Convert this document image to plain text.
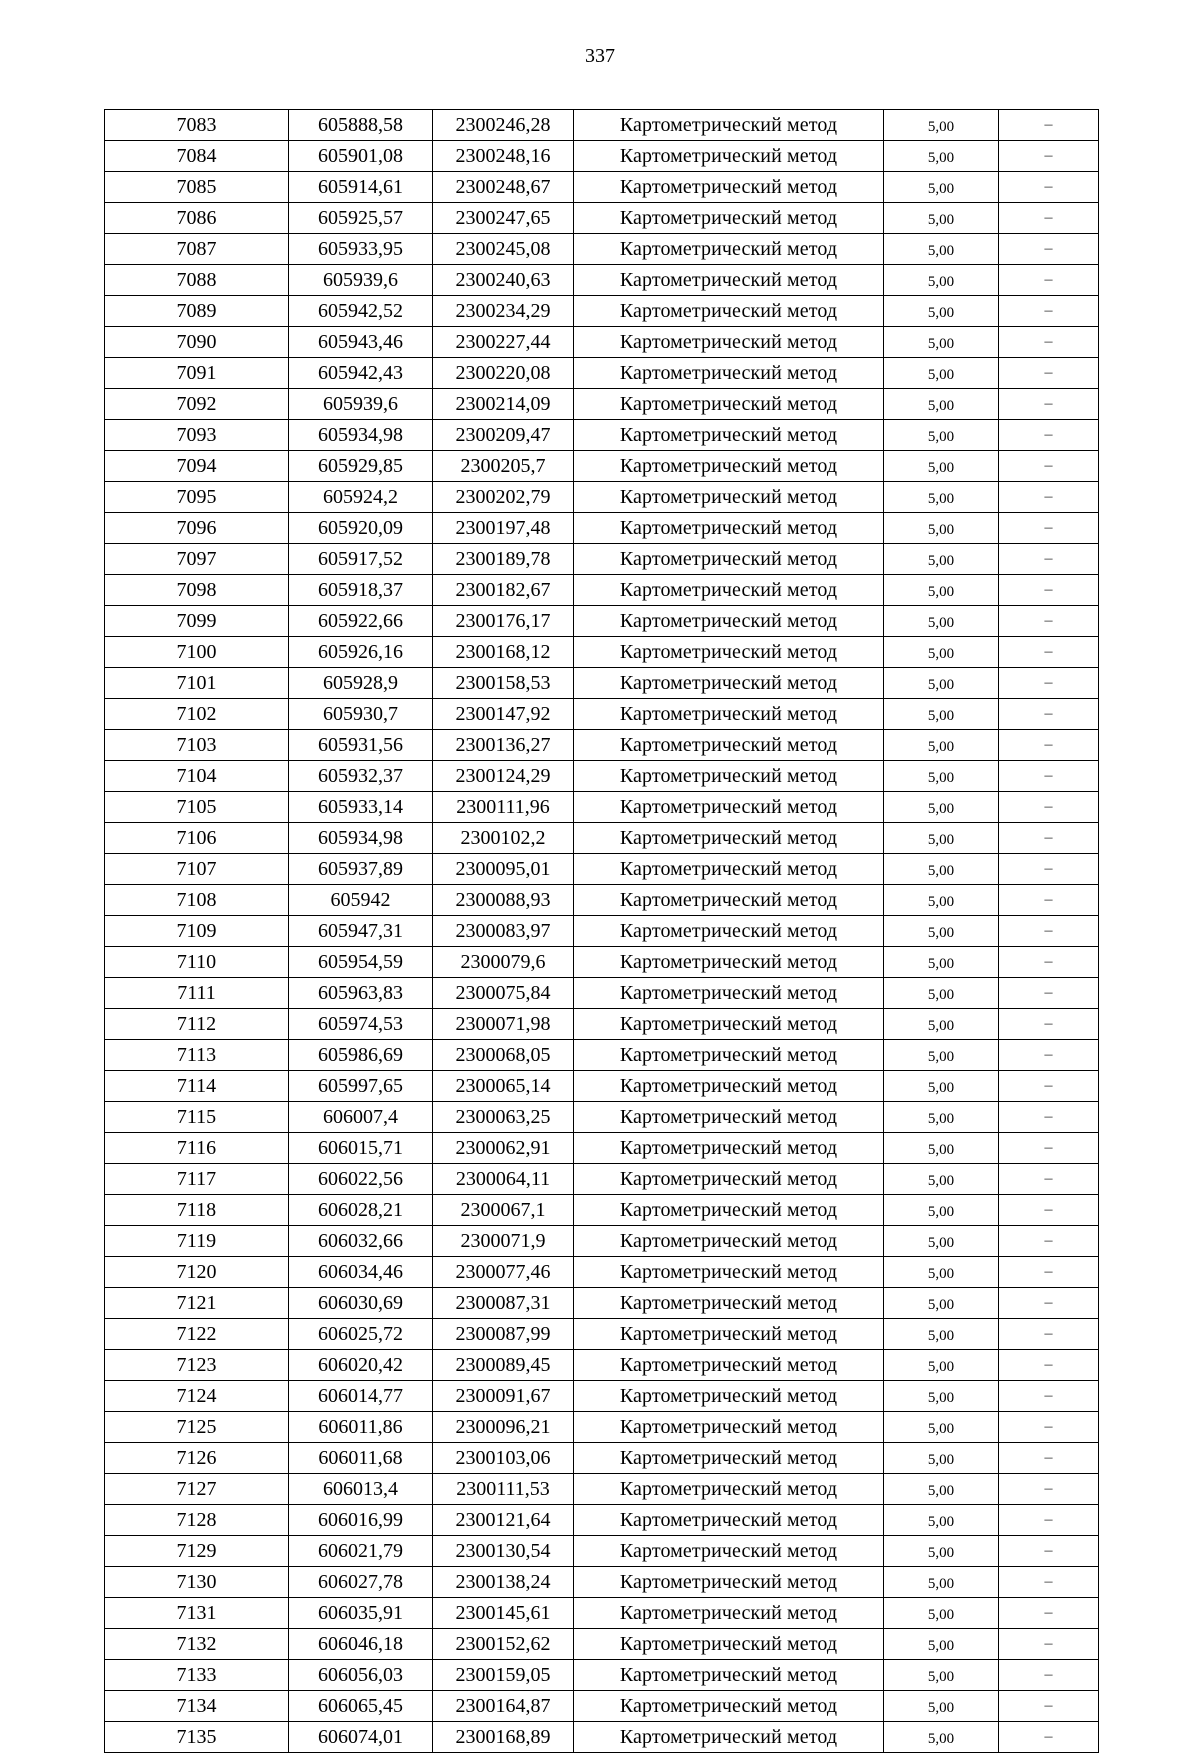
337
7083	605888,58	2300246,28	Картометрический метод	5,00	–
7084	605901,08	2300248,16	Картометрический метод	5,00	–
7085	605914,61	2300248,67	Картометрический метод	5,00	–
7086	605925,57	2300247,65	Картометрический метод	5,00	–
7087	605933,95	2300245,08	Картометрический метод	5,00	–
7088	605939,6	2300240,63	Картометрический метод	5,00	–
7089	605942,52	2300234,29	Картометрический метод	5,00	–
7090	605943,46	2300227,44	Картометрический метод	5,00	–
7091	605942,43	2300220,08	Картометрический метод	5,00	–
7092	605939,6	2300214,09	Картометрический метод	5,00	–
7093	605934,98	2300209,47	Картометрический метод	5,00	–
7094	605929,85	2300205,7	Картометрический метод	5,00	–
7095	605924,2	2300202,79	Картометрический метод	5,00	–
7096	605920,09	2300197,48	Картометрический метод	5,00	–
7097	605917,52	2300189,78	Картометрический метод	5,00	–
7098	605918,37	2300182,67	Картометрический метод	5,00	–
7099	605922,66	2300176,17	Картометрический метод	5,00	–
7100	605926,16	2300168,12	Картометрический метод	5,00	–
7101	605928,9	2300158,53	Картометрический метод	5,00	–
7102	605930,7	2300147,92	Картометрический метод	5,00	–
7103	605931,56	2300136,27	Картометрический метод	5,00	–
7104	605932,37	2300124,29	Картометрический метод	5,00	–
7105	605933,14	2300111,96	Картометрический метод	5,00	–
7106	605934,98	2300102,2	Картометрический метод	5,00	–
7107	605937,89	2300095,01	Картометрический метод	5,00	–
7108	605942	2300088,93	Картометрический метод	5,00	–
7109	605947,31	2300083,97	Картометрический метод	5,00	–
7110	605954,59	2300079,6	Картометрический метод	5,00	–
7111	605963,83	2300075,84	Картометрический метод	5,00	–
7112	605974,53	2300071,98	Картометрический метод	5,00	–
7113	605986,69	2300068,05	Картометрический метод	5,00	–
7114	605997,65	2300065,14	Картометрический метод	5,00	–
7115	606007,4	2300063,25	Картометрический метод	5,00	–
7116	606015,71	2300062,91	Картометрический метод	5,00	–
7117	606022,56	2300064,11	Картометрический метод	5,00	–
7118	606028,21	2300067,1	Картометрический метод	5,00	–
7119	606032,66	2300071,9	Картометрический метод	5,00	–
7120	606034,46	2300077,46	Картометрический метод	5,00	–
7121	606030,69	2300087,31	Картометрический метод	5,00	–
7122	606025,72	2300087,99	Картометрический метод	5,00	–
7123	606020,42	2300089,45	Картометрический метод	5,00	–
7124	606014,77	2300091,67	Картометрический метод	5,00	–
7125	606011,86	2300096,21	Картометрический метод	5,00	–
7126	606011,68	2300103,06	Картометрический метод	5,00	–
7127	606013,4	2300111,53	Картометрический метод	5,00	–
7128	606016,99	2300121,64	Картометрический метод	5,00	–
7129	606021,79	2300130,54	Картометрический метод	5,00	–
7130	606027,78	2300138,24	Картометрический метод	5,00	–
7131	606035,91	2300145,61	Картометрический метод	5,00	–
7132	606046,18	2300152,62	Картометрический метод	5,00	–
7133	606056,03	2300159,05	Картометрический метод	5,00	–
7134	606065,45	2300164,87	Картометрический метод	5,00	–
7135	606074,01	2300168,89	Картометрический метод	5,00	–
